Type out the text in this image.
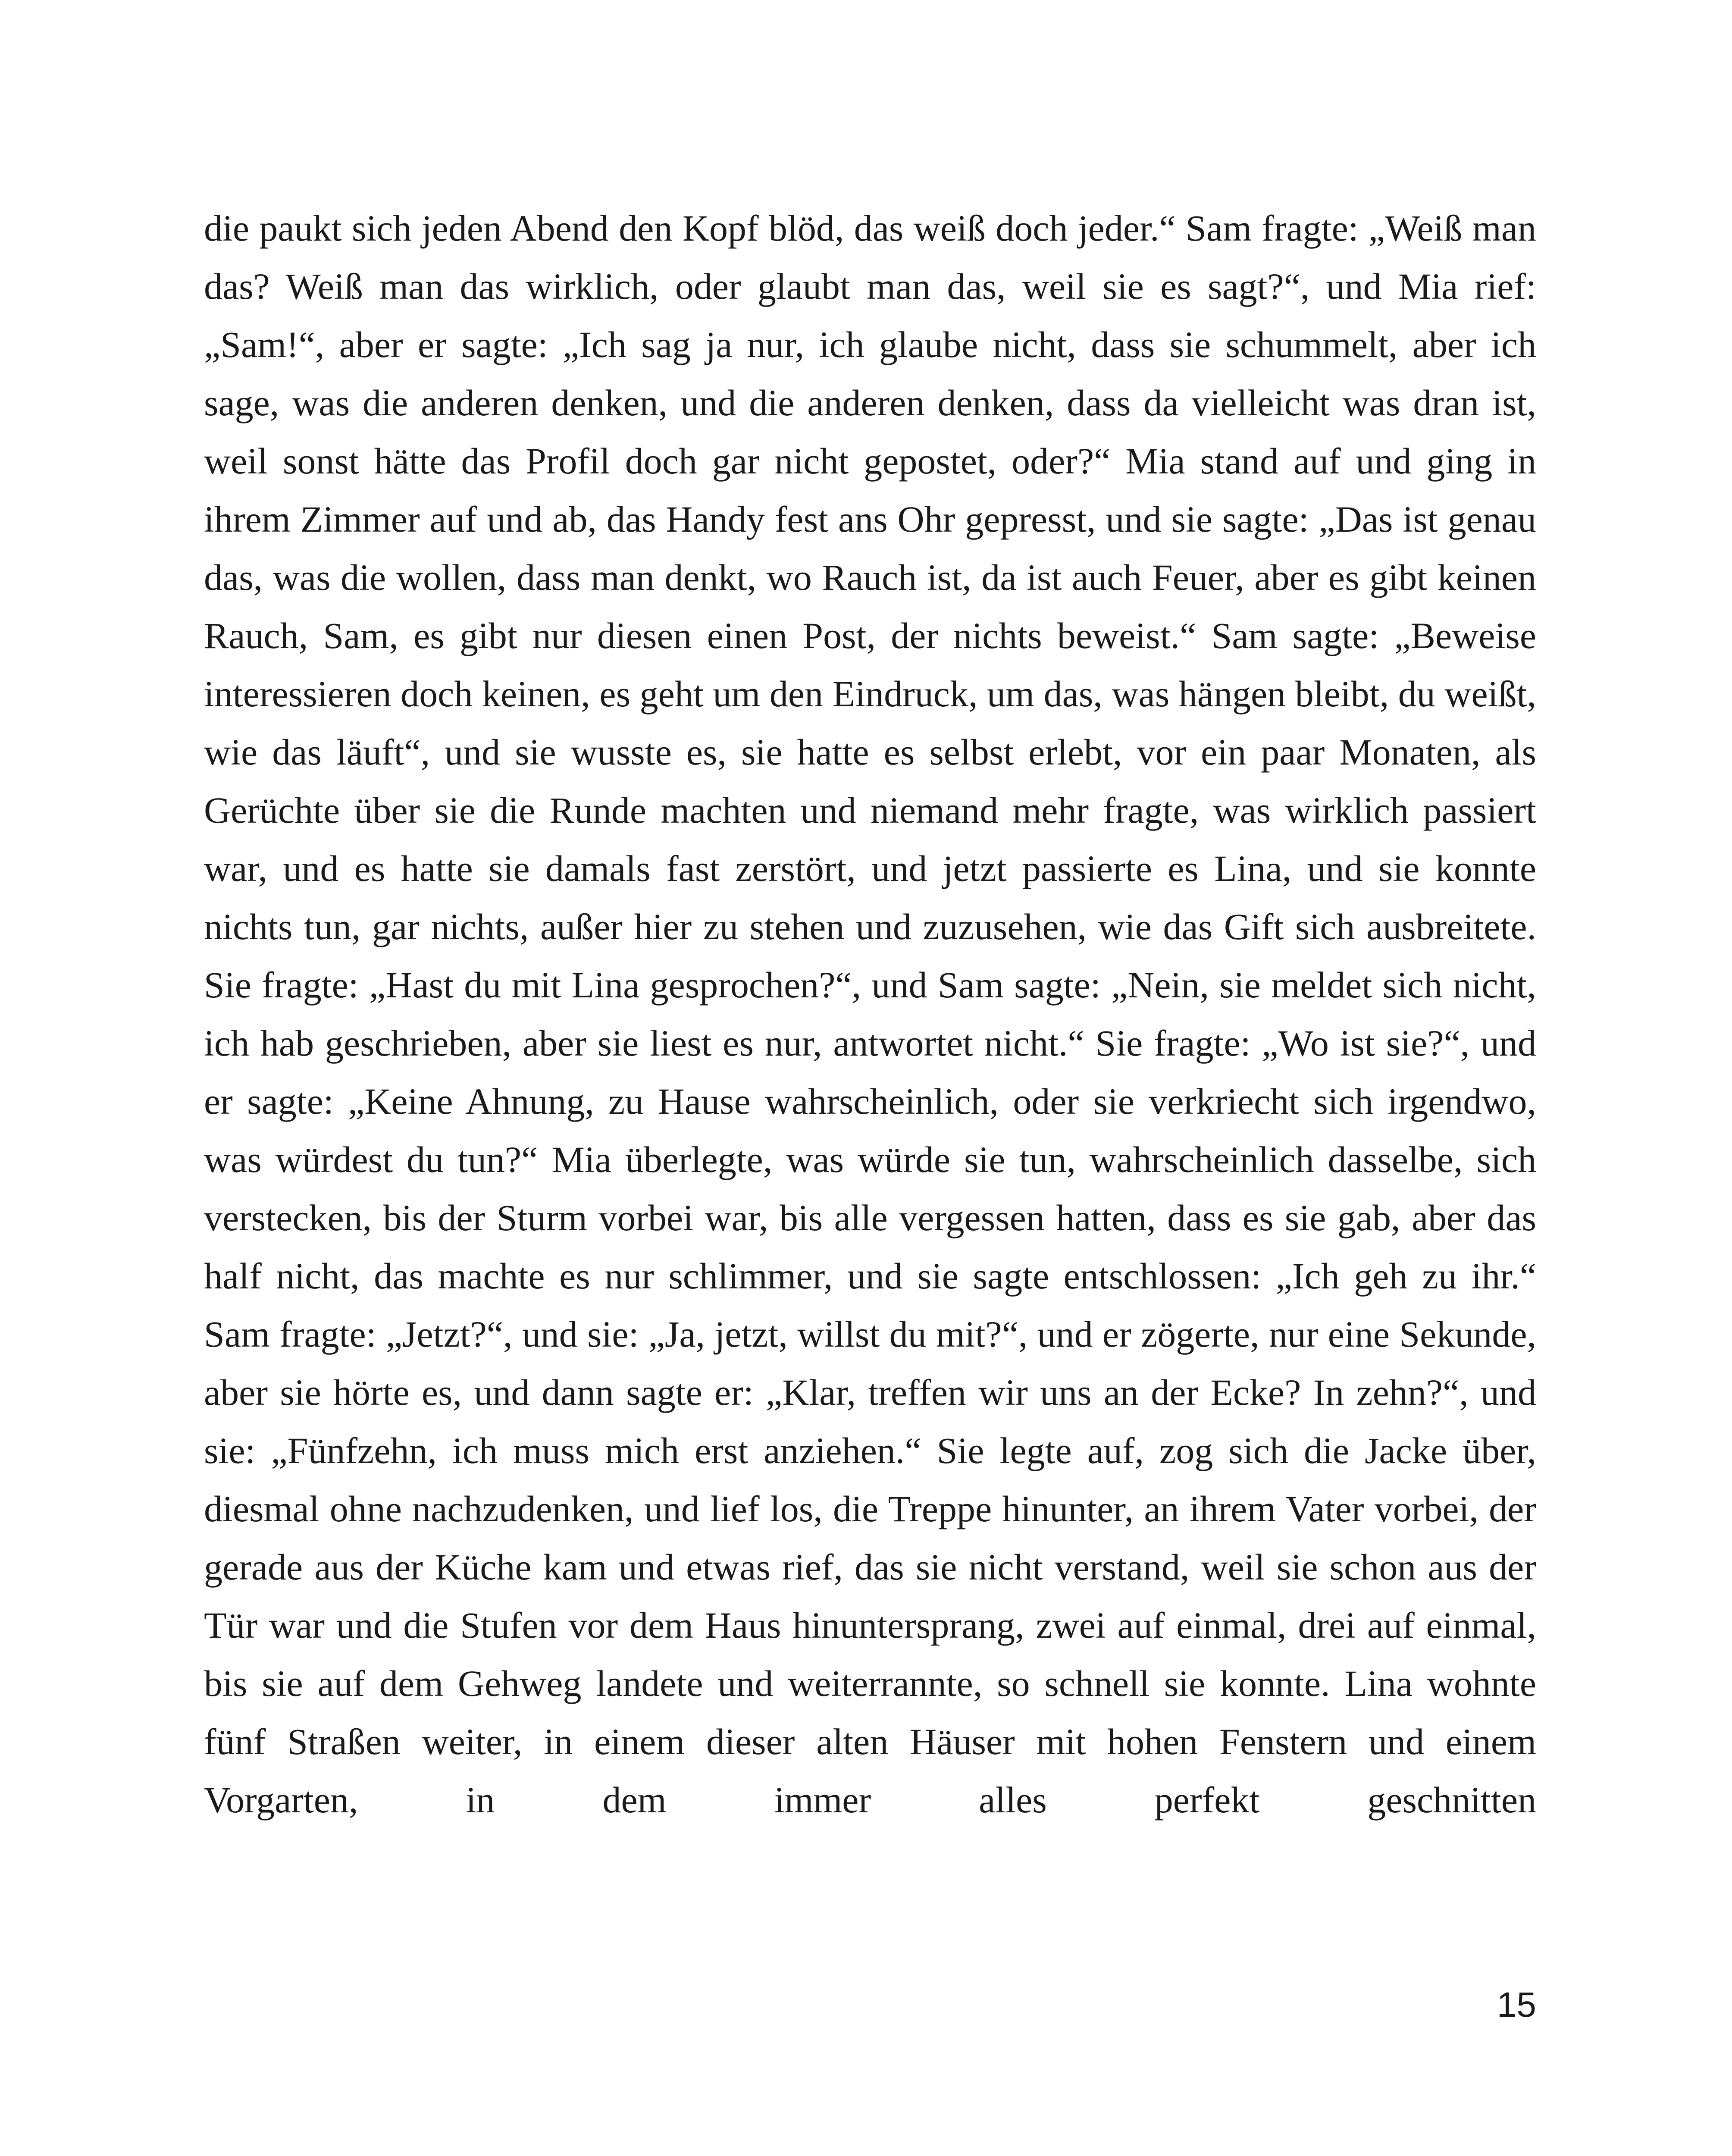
die paukt sich jeden Abend den Kopf blöd, das weiß doch jeder.“ Sam fragte: „Weiß man das? Weiß man das wirklich, oder glaubt man das, weil sie es sagt?“, und Mia rief: „Sam!“, aber er sagte: „Ich sag ja nur, ich glaube nicht, dass sie schummelt, aber ich sage, was die anderen denken, und die anderen denken, dass da vielleicht was dran ist, weil sonst hätte das Profil doch gar nicht gepostet, oder?“ Mia stand auf und ging in ihrem Zimmer auf und ab, das Handy fest ans Ohr gepresst, und sie sagte: „Das ist genau das, was die wollen, dass man denkt, wo Rauch ist, da ist auch Feuer, aber es gibt keinen Rauch, Sam, es gibt nur diesen einen Post, der nichts beweist.“ Sam sagte: „Beweise interessieren doch keinen, es geht um den Eindruck, um das, was hängen bleibt, du weißt, wie das läuft“, und sie wusste es, sie hatte es selbst erlebt, vor ein paar Monaten, als Gerüchte über sie die Runde machten und niemand mehr fragte, was wirklich passiert war, und es hatte sie damals fast zerstört, und jetzt passierte es Lina, und sie konnte nichts tun, gar nichts, außer hier zu stehen und zuzusehen, wie das Gift sich ausbreitete. Sie fragte: „Hast du mit Lina gesprochen?“, und Sam sagte: „Nein, sie meldet sich nicht, ich hab geschrieben, aber sie liest es nur, antwortet nicht.“ Sie fragte: „Wo ist sie?“, und er sagte: „Keine Ahnung, zu Hause wahrscheinlich, oder sie verkriecht sich irgendwo, was würdest du tun?“ Mia überlegte, was würde sie tun, wahrscheinlich dasselbe, sich verstecken, bis der Sturm vorbei war, bis alle vergessen hatten, dass es sie gab, aber das half nicht, das machte es nur schlimmer, und sie sagte entschlossen: „Ich geh zu ihr.“ Sam fragte: „Jetzt?“, und sie: „Ja, jetzt, willst du mit?“, und er zögerte, nur eine Sekunde, aber sie hörte es, und dann sagte er: „Klar, treffen wir uns an der Ecke? In zehn?“, und sie: „Fünfzehn, ich muss mich erst anziehen.“ Sie legte auf, zog sich die Jacke über, diesmal ohne nachzudenken, und lief los, die Treppe hinunter, an ihrem Vater vorbei, der gerade aus der Küche kam und etwas rief, das sie nicht verstand, weil sie schon aus der Tür war und die Stufen vor dem Haus hinuntersprang, zwei auf einmal, drei auf einmal, bis sie auf dem Gehweg landete und weiterrannte, so schnell sie konnte. Lina wohnte fünf Straßen weiter, in einem dieser alten Häuser mit hohen Fenstern und einem Vorgarten, in dem immer alles perfekt geschnitten

15
